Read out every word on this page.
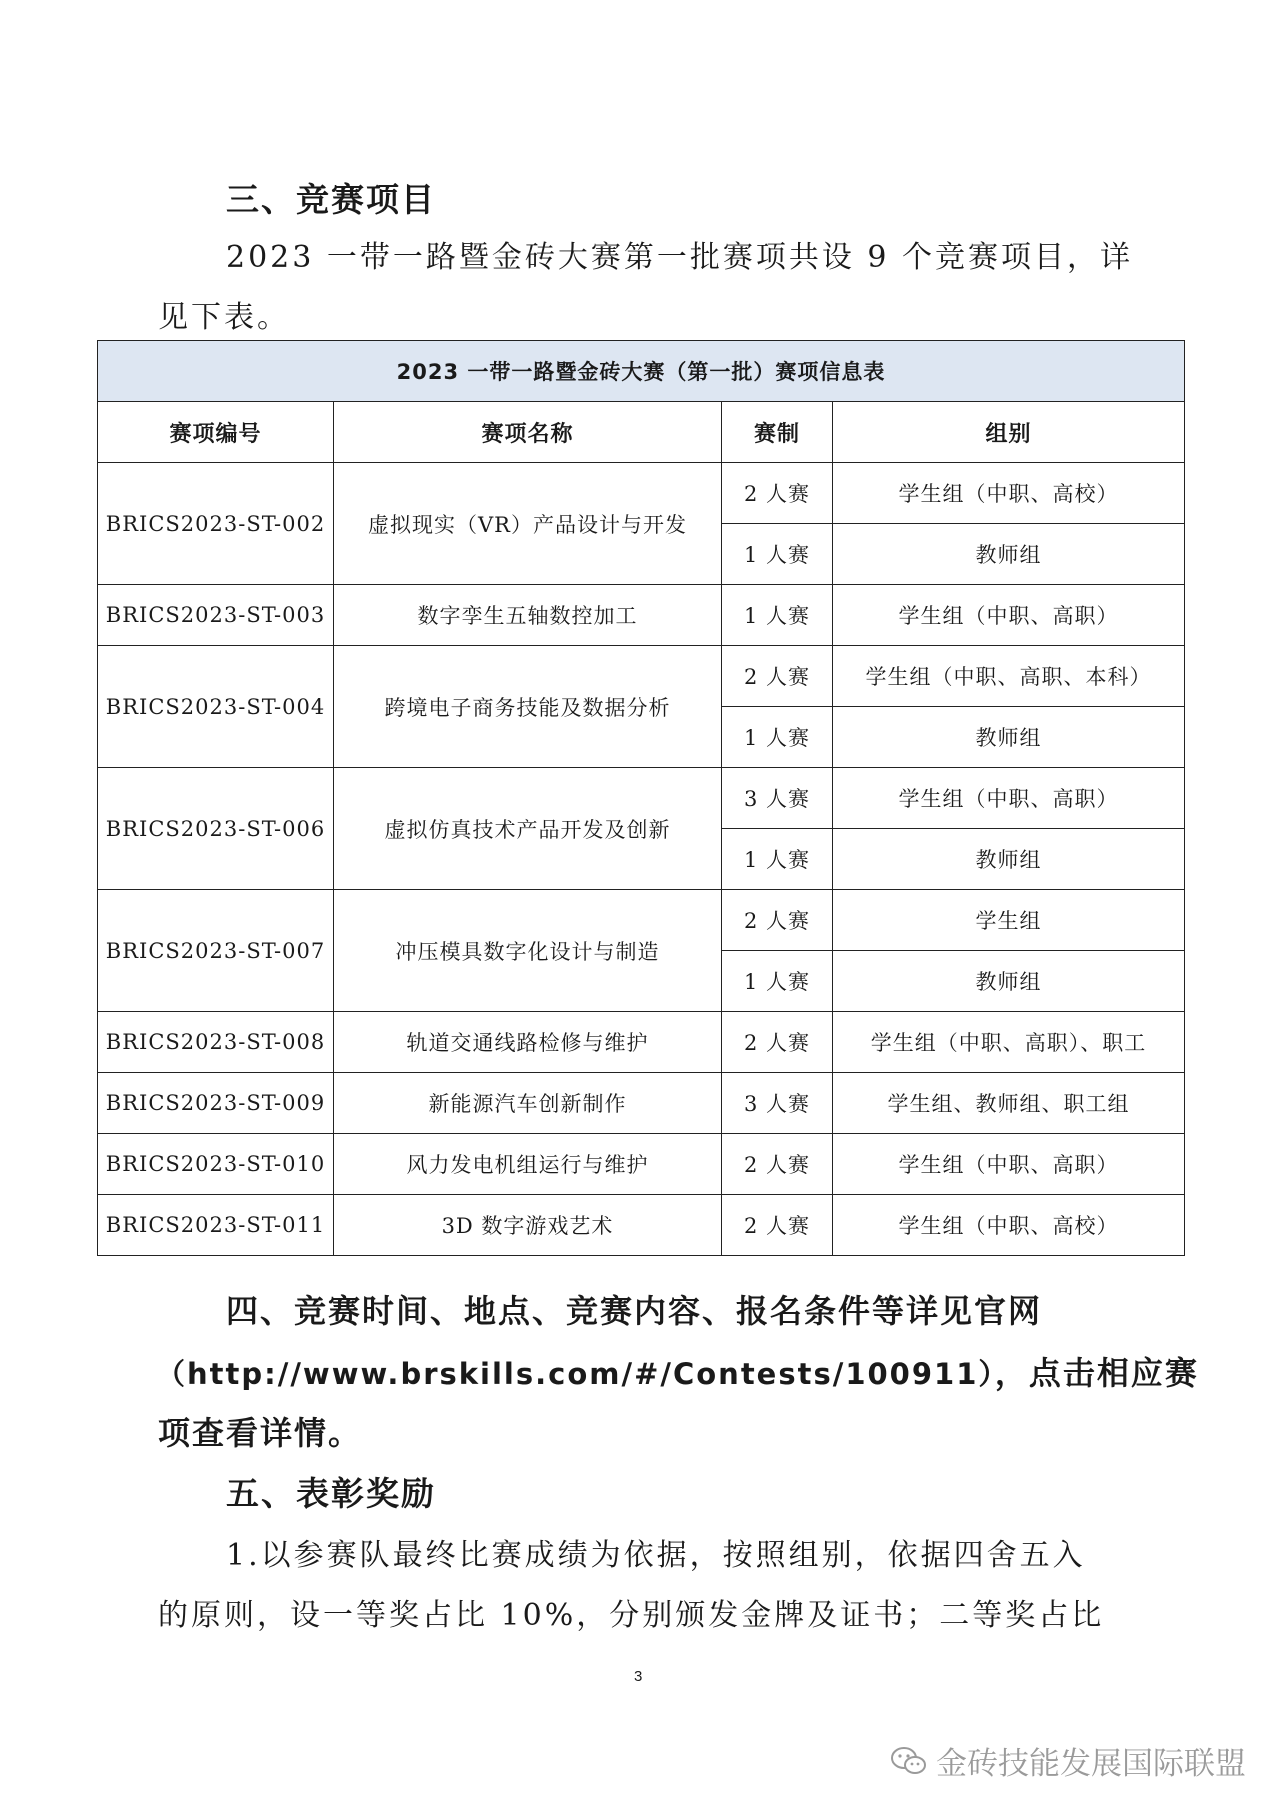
三、竞赛项目
2023 一带一路暨金砖大赛第一批赛项共设 9 个竞赛项目，详
见下表。
2023 一带一路暨金砖大赛（第一批）赛项信息表			
赛项编号	赛项名称	赛制	组别
BRICS2023-ST-002	虚拟现实（VR）产品设计与开发	2 人赛	学生组（中职、高校）
		1 人赛	教师组
BRICS2023-ST-003	数字孪生五轴数控加工	1 人赛	学生组（中职、高职）
BRICS2023-ST-004	跨境电子商务技能及数据分析	2 人赛	学生组（中职、高职、本科）
		1 人赛	教师组
BRICS2023-ST-006	虚拟仿真技术产品开发及创新	3 人赛	学生组（中职、高职）
		1 人赛	教师组
BRICS2023-ST-007	冲压模具数字化设计与制造	2 人赛	学生组
		1 人赛	教师组
BRICS2023-ST-008	轨道交通线路检修与维护	2 人赛	学生组（中职、高职）、职工
BRICS2023-ST-009	新能源汽车创新制作	3 人赛	学生组、教师组、职工组
BRICS2023-ST-010	风力发电机组运行与维护	2 人赛	学生组（中职、高职）
BRICS2023-ST-011	3D 数字游戏艺术	2 人赛	学生组（中职、高校）
四、竞赛时间、地点、竞赛内容、报名条件等详见官网
（http://www.brskills.com/#/Contests/100911），点击相应赛
项查看详情。
五、表彰奖励
1.以参赛队最终比赛成绩为依据，按照组别，依据四舍五入
的原则，设一等奖占比 10%，分别颁发金牌及证书；二等奖占比
3
金砖技能发展国际联盟
